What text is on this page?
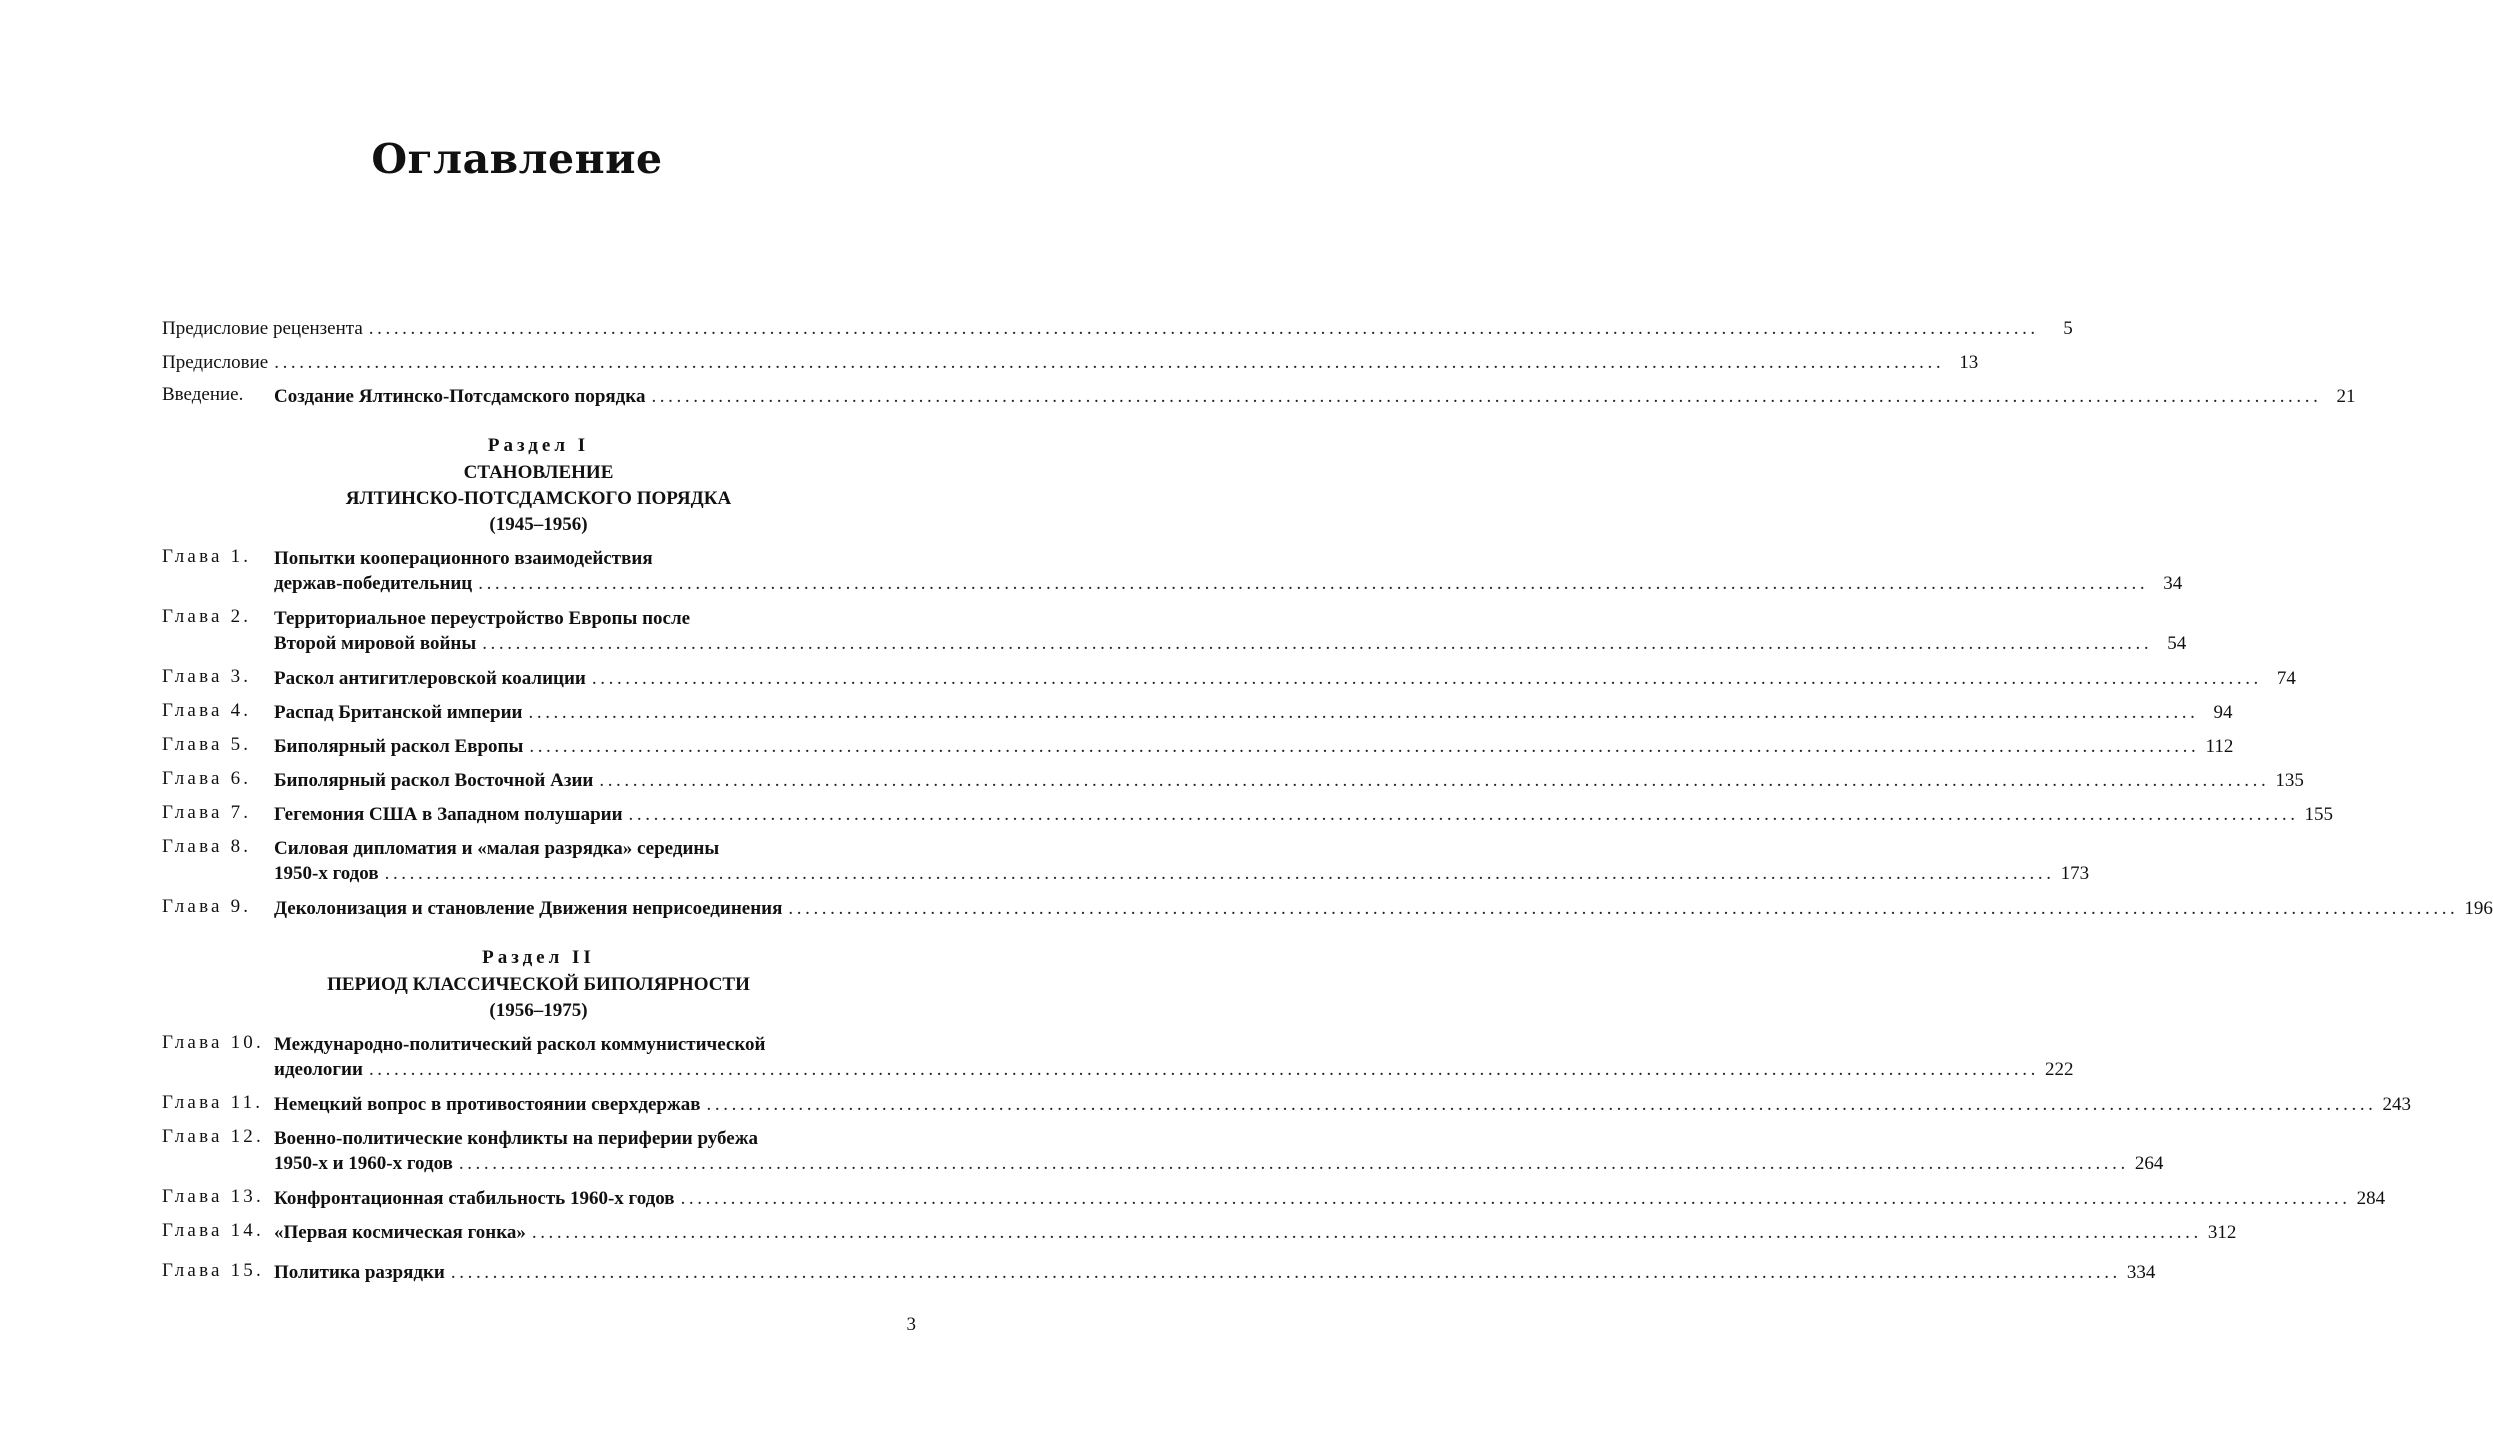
Оглавление
Предисловие рецензента ........................................................................................................................................................................................................	5
Предисловие ........................................................................................................................................................................................................ 13
Введение. Создание Ялтинско-Потсдамского порядка ........................................................................................................................................................................................................ 21
Раздел I
СТАНОВЛЕНИЕ
ЯЛТИНСКО-ПОТСДАМСКОГО ПОРЯДКА
(1945–1956)
Глава 1. Попытки кооперационного взаимодействия
держав-победительниц ........................................................................................................................................................................................................ 34
Глава 2. Территориальное переустройство Европы после
Второй мировой войны ........................................................................................................................................................................................................ 54
Глава 3. Раскол антигитлеровской коалиции ........................................................................................................................................................................................................ 74
Глава 4. Распад Британской империи ........................................................................................................................................................................................................ 94
Глава 5. Биполярный раскол Европы ........................................................................................................................................................................................................ 112
Глава 6. Биполярный раскол Восточной Азии ........................................................................................................................................................................................................ 135
Глава 7. Гегемония США в Западном полушарии ........................................................................................................................................................................................................ 155
Глава 8. Силовая дипломатия и «малая разрядка» середины
1950-х годов ........................................................................................................................................................................................................ 173
Глава 9. Деколонизация и становление Движения неприсоединения ........................................................................................................................................................................................................ 196
Раздел II
ПЕРИОД КЛАССИЧЕСКОЙ БИПОЛЯРНОСТИ
(1956–1975)
Глава 10. Международно-политический раскол коммунистической
идеологии ........................................................................................................................................................................................................ 222
Глава 11. Немецкий вопрос в противостоянии сверхдержав ........................................................................................................................................................................................................ 243
Глава 12. Военно-политические конфликты на периферии рубежа
1950-х и 1960-х годов ........................................................................................................................................................................................................ 264
Глава 13. Конфронтационная стабильность 1960-х годов ........................................................................................................................................................................................................ 284
Глава 14. «Первая космическая гонка» ........................................................................................................................................................................................................ 312
Глава 15. Политика разрядки ........................................................................................................................................................................................................ 334
3
